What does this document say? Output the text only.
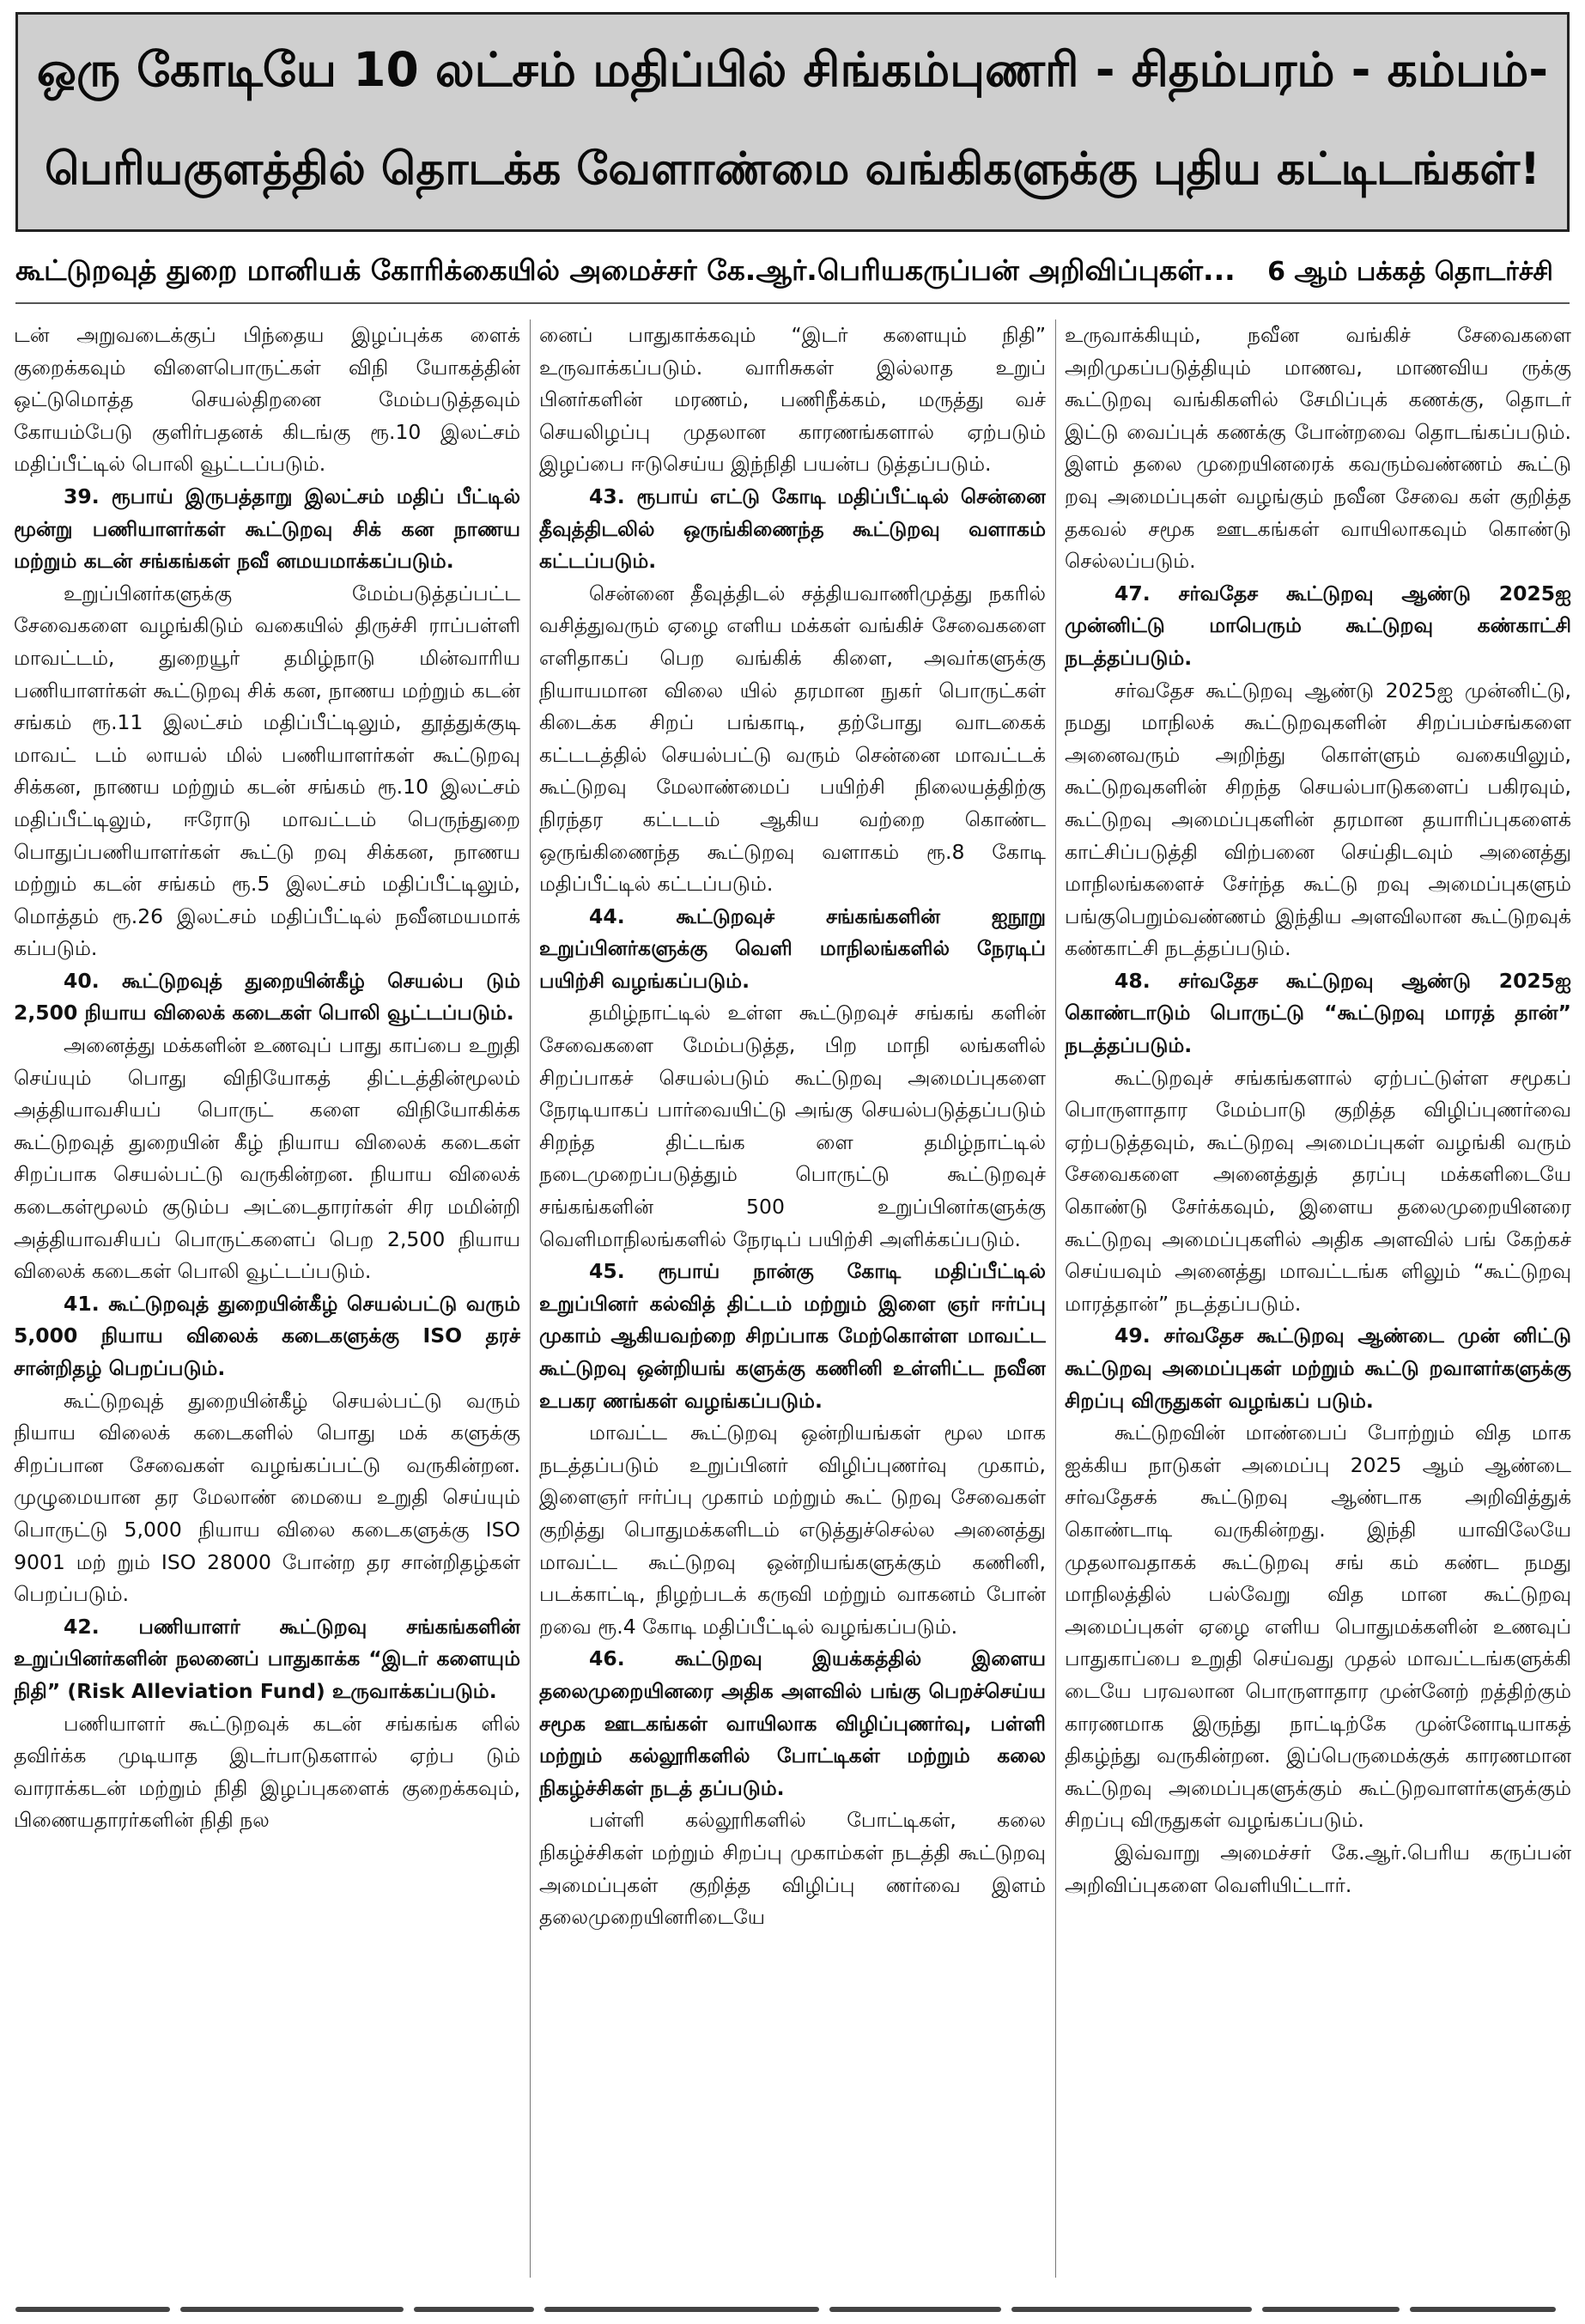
ஒரு கோடியே 10 லட்சம் மதிப்பில் சிங்கம்புணரி - சிதம்பரம் - கம்பம்-
பெரியகுளத்தில் தொடக்க வேளாண்மை வங்கிகளுக்கு புதிய கட்டிடங்கள்!
கூட்டுறவுத் துறை மானியக் கோரிக்கையில் அமைச்சர் கே.ஆர்.பெரியகருப்பன் அறிவிப்புகள்... 6 ஆம் பக்கத் தொடர்ச்சி

டன் அறுவடைக்குப் பிந்தைய இழப்புக்க ளைக் குறைக்கவும் விளைபொருட்கள் விநி யோகத்தின் ஒட்டுமொத்த செயல்திறனை மேம்படுத்தவும் கோயம்பேடு குளிர்பதனக் கிடங்கு ரூ.10 இலட்சம் மதிப்பீட்டில் பொலி வூட்டப்படும்.

39. ரூபாய் இருபத்தாறு இலட்சம் மதிப் பீட்டில் மூன்று பணியாளர்கள் கூட்டுறவு சிக் கன நாணய மற்றும் கடன் சங்கங்கள் நவீ னமயமாக்கப்படும்.

உறுப்பினர்களுக்கு மேம்படுத்தப்பட்ட சேவைகளை வழங்கிடும் வகையில் திருச்சி ராப்பள்ளி மாவட்டம், துறையூர் தமிழ்நாடு மின்வாரிய பணியாளர்கள் கூட்டுறவு சிக் கன, நாணய மற்றும் கடன் சங்கம் ரூ.11 இலட்சம் மதிப்பீட்டிலும், தூத்துக்குடி மாவட் டம் லாயல் மில் பணியாளர்கள் கூட்டுறவு சிக்கன, நாணய மற்றும் கடன் சங்கம் ரூ.10 இலட்சம் மதிப்பீட்டிலும், ஈரோடு மாவட்டம் பெருந்துறை பொதுப்பணியாளர்கள் கூட்டு றவு சிக்கன, நாணய மற்றும் கடன் சங்கம் ரூ.5 இலட்சம் மதிப்பீட்டிலும், மொத்தம் ரூ.26 இலட்சம் மதிப்பீட்டில் நவீனமயமாக் கப்படும்.

40. கூட்டுறவுத் துறையின்கீழ் செயல்ப டும் 2,500 நியாய விலைக் கடைகள் பொலி வூட்டப்படும்.

அனைத்து மக்களின் உணவுப் பாது காப்பை உறுதி செய்யும் பொது விநியோகத் திட்டத்தின்மூலம் அத்தியாவசியப் பொருட் களை விநியோகிக்க கூட்டுறவுத் துறையின் கீழ் நியாய விலைக் கடைகள் சிறப்பாக செயல்பட்டு வருகின்றன. நியாய விலைக் கடைகள்மூலம் குடும்ப அட்டைதாரர்கள் சிர மமின்றி அத்தியாவசியப் பொருட்களைப் பெற 2,500 நியாய விலைக் கடைகள் பொலி வூட்டப்படும்.

41. கூட்டுறவுத் துறையின்கீழ் செயல்பட்டு வரும் 5,000 நியாய விலைக் கடைகளுக்கு ISO தரச் சான்றிதழ் பெறப்படும்.

கூட்டுறவுத் துறையின்கீழ் செயல்பட்டு வரும் நியாய விலைக் கடைகளில் பொது மக் களுக்கு சிறப்பான சேவைகள் வழங்கப்பட்டு வருகின்றன. முழுமையான தர மேலாண் மையை உறுதி செய்யும் பொருட்டு 5,000 நியாய விலை கடைகளுக்கு ISO 9001 மற் றும் ISO 28000 போன்ற தர சான்றிதழ்கள் பெறப்படும்.

42. பணியாளர் கூட்டுறவு சங்கங்களின் உறுப்பினர்களின் நலனைப் பாதுகாக்க “இடர் களையும் நிதி” (Risk Alleviation Fund) உருவாக்கப்படும்.

பணியாளர் கூட்டுறவுக் கடன் சங்கங்க ளில் தவிர்க்க முடியாத இடர்பாடுகளால் ஏற்ப டும் வாராக்கடன் மற்றும் நிதி இழப்புகளைக் குறைக்கவும், பிணையதாரர்களின் நிதி நல

னைப் பாதுகாக்கவும் “இடர் களையும் நிதி” உருவாக்கப்படும். வாரிசுகள் இல்லாத உறுப் பினர்களின் மரணம், பணிநீக்கம், மருத்து வச் செயலிழப்பு முதலான காரணங்களால் ஏற்படும் இழப்பை ஈடுசெய்ய இந்நிதி பயன்ப டுத்தப்படும்.

43. ரூபாய் எட்டு கோடி மதிப்பீட்டில் சென்னை தீவுத்திடலில் ஒருங்கிணைந்த கூட்டுறவு வளாகம் கட்டப்படும்.

சென்னை தீவுத்திடல் சத்தியவாணிமுத்து நகரில் வசித்துவரும் ஏழை எளிய மக்கள் வங்கிச் சேவைகளை எளிதாகப் பெற வங்கிக் கிளை, அவர்களுக்கு நியாயமான விலை யில் தரமான நுகர் பொருட்கள் கிடைக்க சிறப் பங்காடி, தற்போது வாடகைக் கட்டடத்தில் செயல்பட்டு வரும் சென்னை மாவட்டக் கூட்டுறவு மேலாண்மைப் பயிற்சி நிலையத்திற்கு நிரந்தர கட்டடம் ஆகிய வற்றை கொண்ட ஒருங்கிணைந்த கூட்டுறவு வளாகம் ரூ.8 கோடி மதிப்பீட்டில் கட்டப்படும்.

44. கூட்டுறவுச் சங்கங்களின் ஐநூறு உறுப்பினர்களுக்கு வெளி மாநிலங்களில் நேரடிப் பயிற்சி வழங்கப்படும்.

தமிழ்நாட்டில் உள்ள கூட்டுறவுச் சங்கங் களின் சேவைகளை மேம்படுத்த, பிற மாநி லங்களில் சிறப்பாகச் செயல்படும் கூட்டுறவு அமைப்புகளை நேரடியாகப் பார்வையிட்டு அங்கு செயல்படுத்தப்படும் சிறந்த திட்டங்க ளை தமிழ்நாட்டில் நடைமுறைப்படுத்தும் பொருட்டு கூட்டுறவுச் சங்கங்களின் 500 உறுப்பினர்களுக்கு வெளிமாநிலங்களில் நேரடிப் பயிற்சி அளிக்கப்படும்.

45. ரூபாய் நான்கு கோடி மதிப்பீட்டில் உறுப்பினர் கல்வித் திட்டம் மற்றும் இளை ஞர் ஈர்ப்பு முகாம் ஆகியவற்றை சிறப்பாக மேற்கொள்ள மாவட்ட கூட்டுறவு ஒன்றியங் களுக்கு கணினி உள்ளிட்ட நவீன உபகர ணங்கள் வழங்கப்படும்.

மாவட்ட கூட்டுறவு ஒன்றியங்கள் மூல மாக நடத்தப்படும் உறுப்பினர் விழிப்புணர்வு முகாம், இளைஞர் ஈர்ப்பு முகாம் மற்றும் கூட் டுறவு சேவைகள் குறித்து பொதுமக்களிடம் எடுத்துச்செல்ல அனைத்து மாவட்ட கூட்டுறவு ஒன்றியங்களுக்கும் கணினி, படக்காட்டி, நிழற்படக் கருவி மற்றும் வாகனம் போன் றவை ரூ.4 கோடி மதிப்பீட்டில் வழங்கப்படும்.

46. கூட்டுறவு இயக்கத்தில் இளைய தலைமுறையினரை அதிக அளவில் பங்கு பெறச்செய்ய சமூக ஊடகங்கள் வாயிலாக விழிப்புணர்வு, பள்ளி மற்றும் கல்லூரிகளில் போட்டிகள் மற்றும் கலை நிகழ்ச்சிகள் நடத் தப்படும்.

பள்ளி கல்லூரிகளில் போட்டிகள், கலை நிகழ்ச்சிகள் மற்றும் சிறப்பு முகாம்கள் நடத்தி கூட்டுறவு அமைப்புகள் குறித்த விழிப்பு ணர்வை இளம் தலைமுறையினரிடையே

உருவாக்கியும், நவீன வங்கிச் சேவைகளை அறிமுகப்படுத்தியும் மாணவ, மாணவிய ருக்கு கூட்டுறவு வங்கிகளில் சேமிப்புக் கணக்கு, தொடர் இட்டு வைப்புக் கணக்கு போன்றவை தொடங்கப்படும். இளம் தலை முறையினரைக் கவரும்வண்ணம் கூட்டு றவு அமைப்புகள் வழங்கும் நவீன சேவை கள் குறித்த தகவல் சமூக ஊடகங்கள் வாயிலாகவும் கொண்டு செல்லப்படும்.

47. சர்வதேச கூட்டுறவு ஆண்டு 2025ஐ முன்னிட்டு மாபெரும் கூட்டுறவு கண்காட்சி நடத்தப்படும்.

சர்வதேச கூட்டுறவு ஆண்டு 2025ஐ முன்னிட்டு, நமது மாநிலக் கூட்டுறவுகளின் சிறப்பம்சங்களை அனைவரும் அறிந்து கொள்ளும் வகையிலும், கூட்டுறவுகளின் சிறந்த செயல்பாடுகளைப் பகிரவும், கூட்டுறவு அமைப்புகளின் தரமான தயாரிப்புகளைக் காட்சிப்படுத்தி விற்பனை செய்திடவும் அனைத்து மாநிலங்களைச் சேர்ந்த கூட்டு றவு அமைப்புகளும் பங்குபெறும்வண்ணம் இந்திய அளவிலான கூட்டுறவுக் கண்காட்சி நடத்தப்படும்.

48. சர்வதேச கூட்டுறவு ஆண்டு 2025ஐ கொண்டாடும் பொருட்டு “கூட்டுறவு மாரத் தான்” நடத்தப்படும்.

கூட்டுறவுச் சங்கங்களால் ஏற்பட்டுள்ள சமூகப் பொருளாதார மேம்பாடு குறித்த விழிப்புணர்வை ஏற்படுத்தவும், கூட்டுறவு அமைப்புகள் வழங்கி வரும் சேவைகளை அனைத்துத் தரப்பு மக்களிடையே கொண்டு சேர்க்கவும், இளைய தலைமுறையினரை கூட்டுறவு அமைப்புகளில் அதிக அளவில் பங் கேற்கச் செய்யவும் அனைத்து மாவட்டங்க ளிலும் “கூட்டுறவு மாரத்தான்” நடத்தப்படும்.

49. சர்வதேச கூட்டுறவு ஆண்டை முன் னிட்டு கூட்டுறவு அமைப்புகள் மற்றும் கூட்டு றவாளர்களுக்கு சிறப்பு விருதுகள் வழங்கப் படும்.

கூட்டுறவின் மாண்பைப் போற்றும் வித மாக ஐக்கிய நாடுகள் அமைப்பு 2025 ஆம் ஆண்டை சர்வதேசக் கூட்டுறவு ஆண்டாக அறிவித்துக் கொண்டாடி வருகின்றது. இந்தி யாவிலேயே முதலாவதாகக் கூட்டுறவு சங் கம் கண்ட நமது மாநிலத்தில் பல்வேறு வித மான கூட்டுறவு அமைப்புகள் ஏழை எளிய பொதுமக்களின் உணவுப் பாதுகாப்பை உறுதி செய்வது முதல் மாவட்டங்களுக்கி டையே பரவலான பொருளாதார முன்னேற் றத்திற்கும் காரணமாக இருந்து நாட்டிற்கே முன்னோடியாகத் திகழ்ந்து வருகின்றன. இப்பெருமைக்குக் காரணமான கூட்டுறவு அமைப்புகளுக்கும் கூட்டுறவாளர்களுக்கும் சிறப்பு விருதுகள் வழங்கப்படும்.

இவ்வாறு அமைச்சர் கே.ஆர்.பெரிய கருப்பன் அறிவிப்புகளை வெளியிட்டார்.
